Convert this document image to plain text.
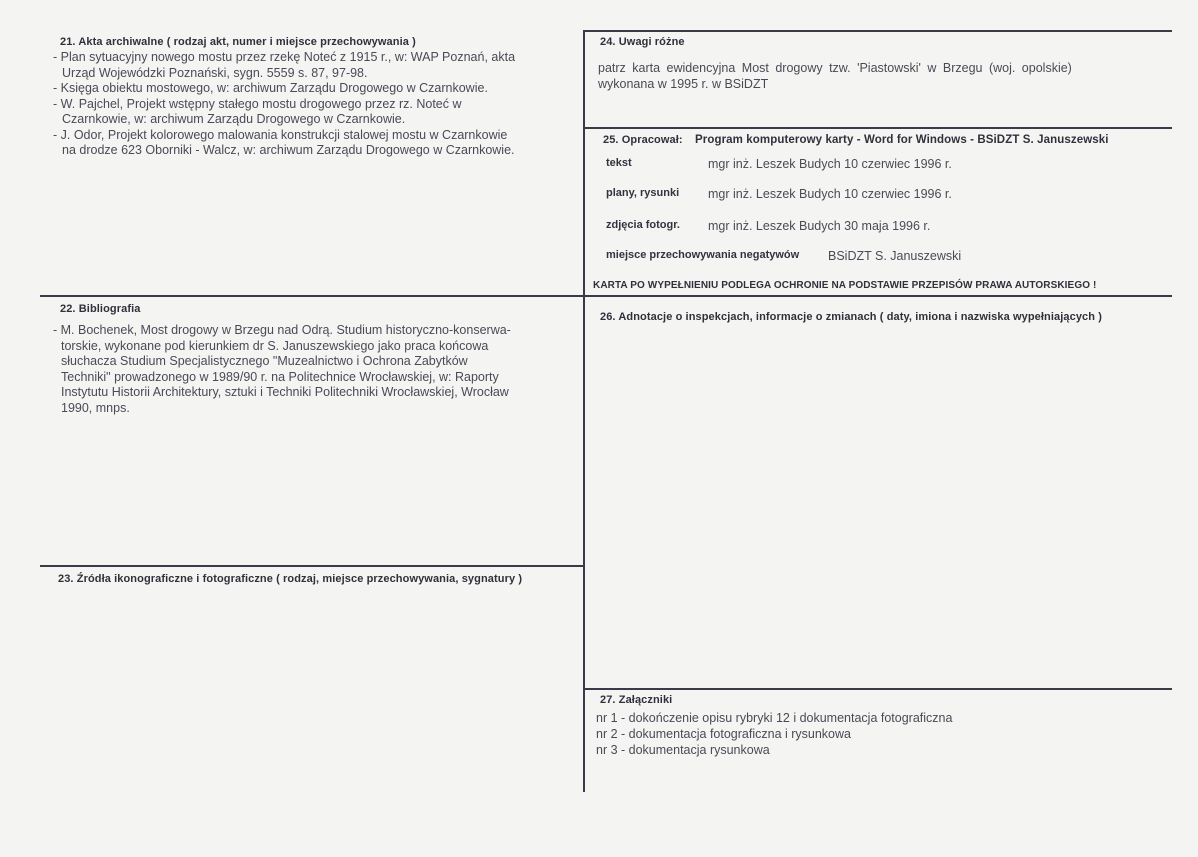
21. Akta archiwalne ( rodzaj akt, numer i miejsce przechowywania )
- Plan sytuacyjny nowego mostu przez rzekę Noteć z 1915 r., w: WAP Poznań, akta
Urząd Wojewódzki Poznański, sygn. 5559 s. 87, 97-98.
- Księga obiektu mostowego, w: archiwum Zarządu Drogowego w Czarnkowie.
- W. Pajchel, Projekt wstępny stałego mostu drogowego przez rz. Noteć w
Czarnkowie, w: archiwum Zarządu Drogowego w Czarnkowie.
- J. Odor, Projekt kolorowego malowania konstrukcji stalowej mostu w Czarnkowie
na drodze 623 Oborniki - Walcz, w: archiwum Zarządu Drogowego w Czarnkowie.
22. Bibliografia
- M. Bochenek, Most drogowy w Brzegu nad Odrą. Studium historyczno-konserwa-
torskie, wykonane pod kierunkiem dr S. Januszewskiego jako praca końcowa
słuchacza Studium Specjalistycznego "Muzealnictwo i Ochrona Zabytków
Techniki" prowadzonego w 1989/90 r. na Politechnice Wrocławskiej, w: Raporty
Instytutu Historii Architektury, sztuki i Techniki Politechniki Wrocławskiej, Wrocław
1990, mnps.
23. Źródła ikonograficzne i fotograficzne ( rodzaj, miejsce przechowywania, sygnatury )
24. Uwagi różne
patrz karta ewidencyjna Most drogowy tzw. 'Piastowski' w Brzegu (woj. opolskie)
wykonana w 1995 r. w BSiDZT
25. Opracował: Program komputerowy karty - Word for Windows - BSiDZT S. Januszewski
tekst	mgr inż. Leszek Budych 10 czerwiec 1996 r.
plany, rysunki mgr inż. Leszek Budych 10 czerwiec 1996 r.
zdjęcia fotogr. mgr inż. Leszek Budych 30 maja 1996 r.
miejsce przechowywania negatywów BSiDZT S. Januszewski
KARTA PO WYPEŁNIENIU PODLEGA OCHRONIE NA PODSTAWIE PRZEPISÓW PRAWA AUTORSKIEGO !
26. Adnotacje o inspekcjach, informacje o zmianach ( daty, imiona i nazwiska wypełniających )
27. Załączniki
nr 1 - dokończenie opisu rybryki 12 i dokumentacja fotograficzna
nr 2 - dokumentacja fotograficzna i rysunkowa
nr 3 - dokumentacja rysunkowa
